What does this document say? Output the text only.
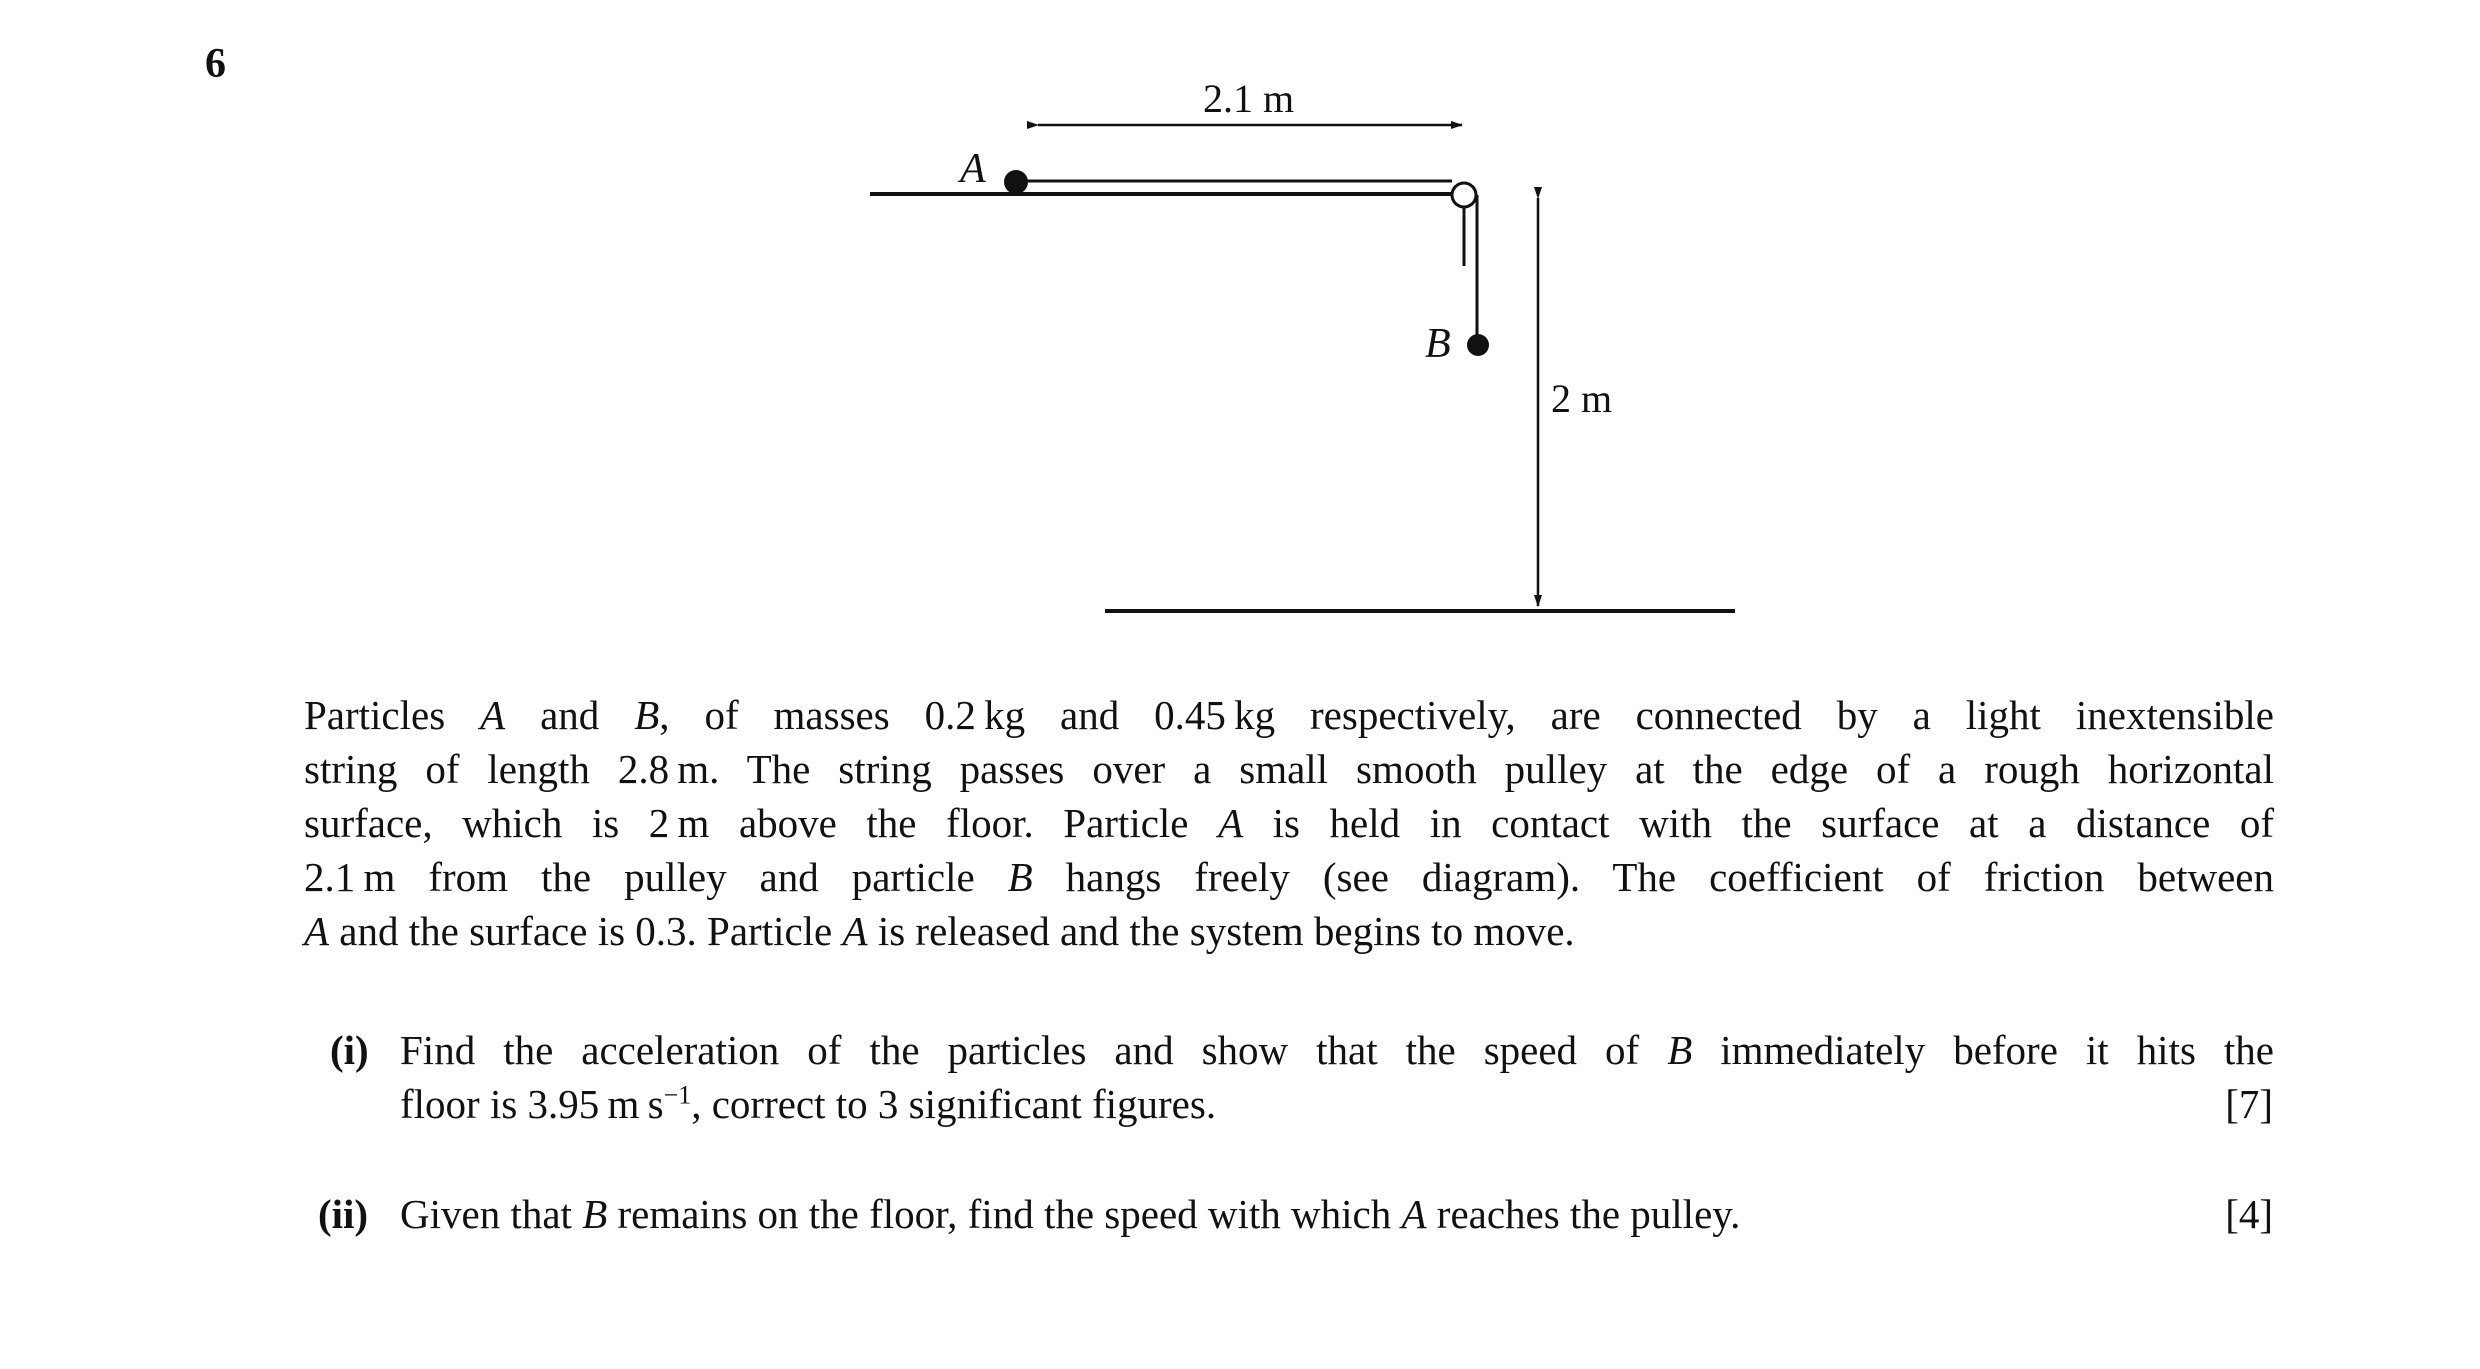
6
A
B
2.1 m
2 m
Particles A and B, of masses 0.2 kg and 0.45 kg respectively, are connected by a light inextensible
string of length 2.8 m. The string passes over a small smooth pulley at the edge of a rough horizontal
surface, which is 2 m above the floor. Particle A is held in contact with the surface at a distance of
2.1 m from the pulley and particle B hangs freely (see diagram). The coefficient of friction between
A and the surface is 0.3. Particle A is released and the system begins to move.
(i) Find the acceleration of the particles and show that the speed of B immediately before it hits the
floor is 3.95 m $s^{-1}$, correct to 3 significant figures.	[7]
(ii) Given that B remains on the floor, find the speed with which A reaches the pulley.	[4]
